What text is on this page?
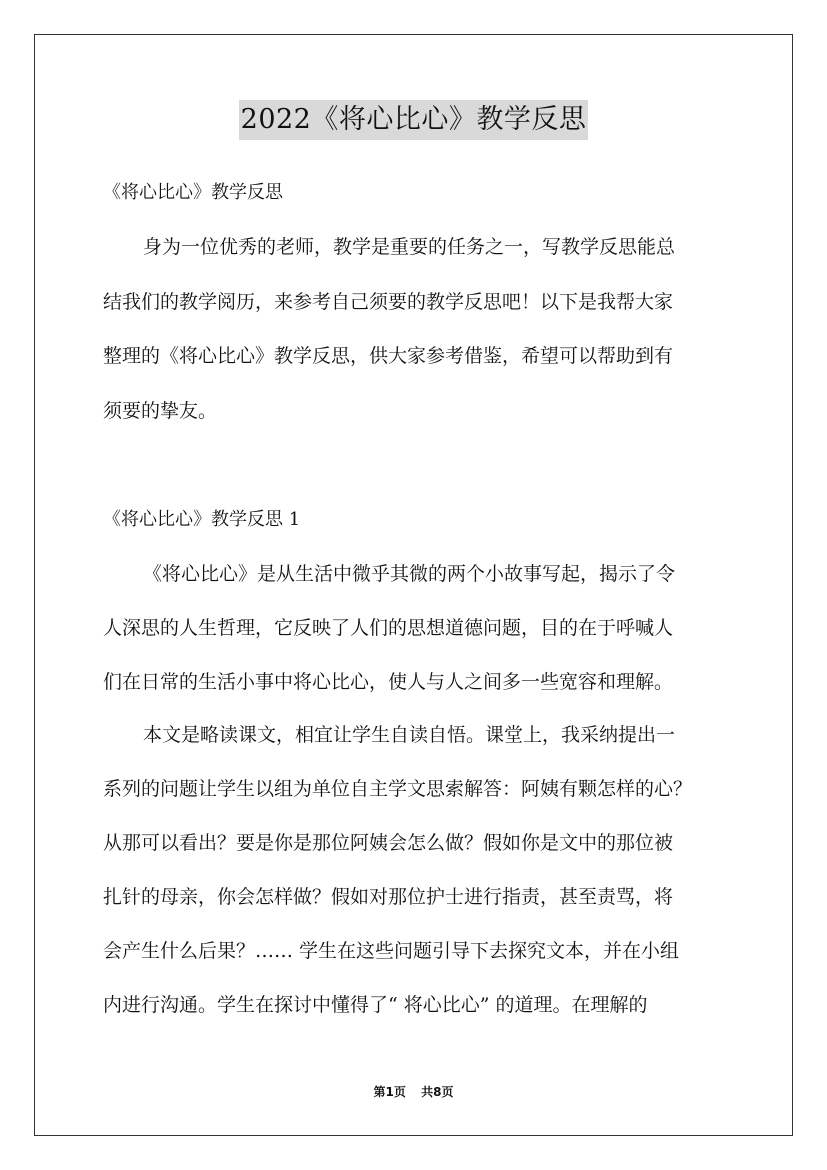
2022《将心比心》教学反思
《将心比心》教学反思
身为一位优秀的老师，教学是重要的任务之一，写教学反思能总
结我们的教学阅历，来参考自己须要的教学反思吧！以下是我帮大家
整理的《将心比心》教学反思，供大家参考借鉴，希望可以帮助到有
须要的挚友。
《将心比心》教学反思 1
《将心比心》是从生活中微乎其微的两个小故事写起，揭示了令
人深思的人生哲理，它反映了人们的思想道德问题，目的在于呼喊人
们在日常的生活小事中将心比心，使人与人之间多一些宽容和理解。
本文是略读课文，相宜让学生自读自悟。课堂上，我采纳提出一
系列的问题让学生以组为单位自主学文思索解答：阿姨有颗怎样的心？
从那可以看出？要是你是那位阿姨会怎么做？假如你是文中的那位被
扎针的母亲，你会怎样做？假如对那位护士进行指责，甚至责骂，将
会产生什么后果？…… 学生在这些问题引导下去探究文本，并在小组
内进行沟通。学生在探讨中懂得了“ 将心比心” 的道理。在理解的
第1页 共8页
